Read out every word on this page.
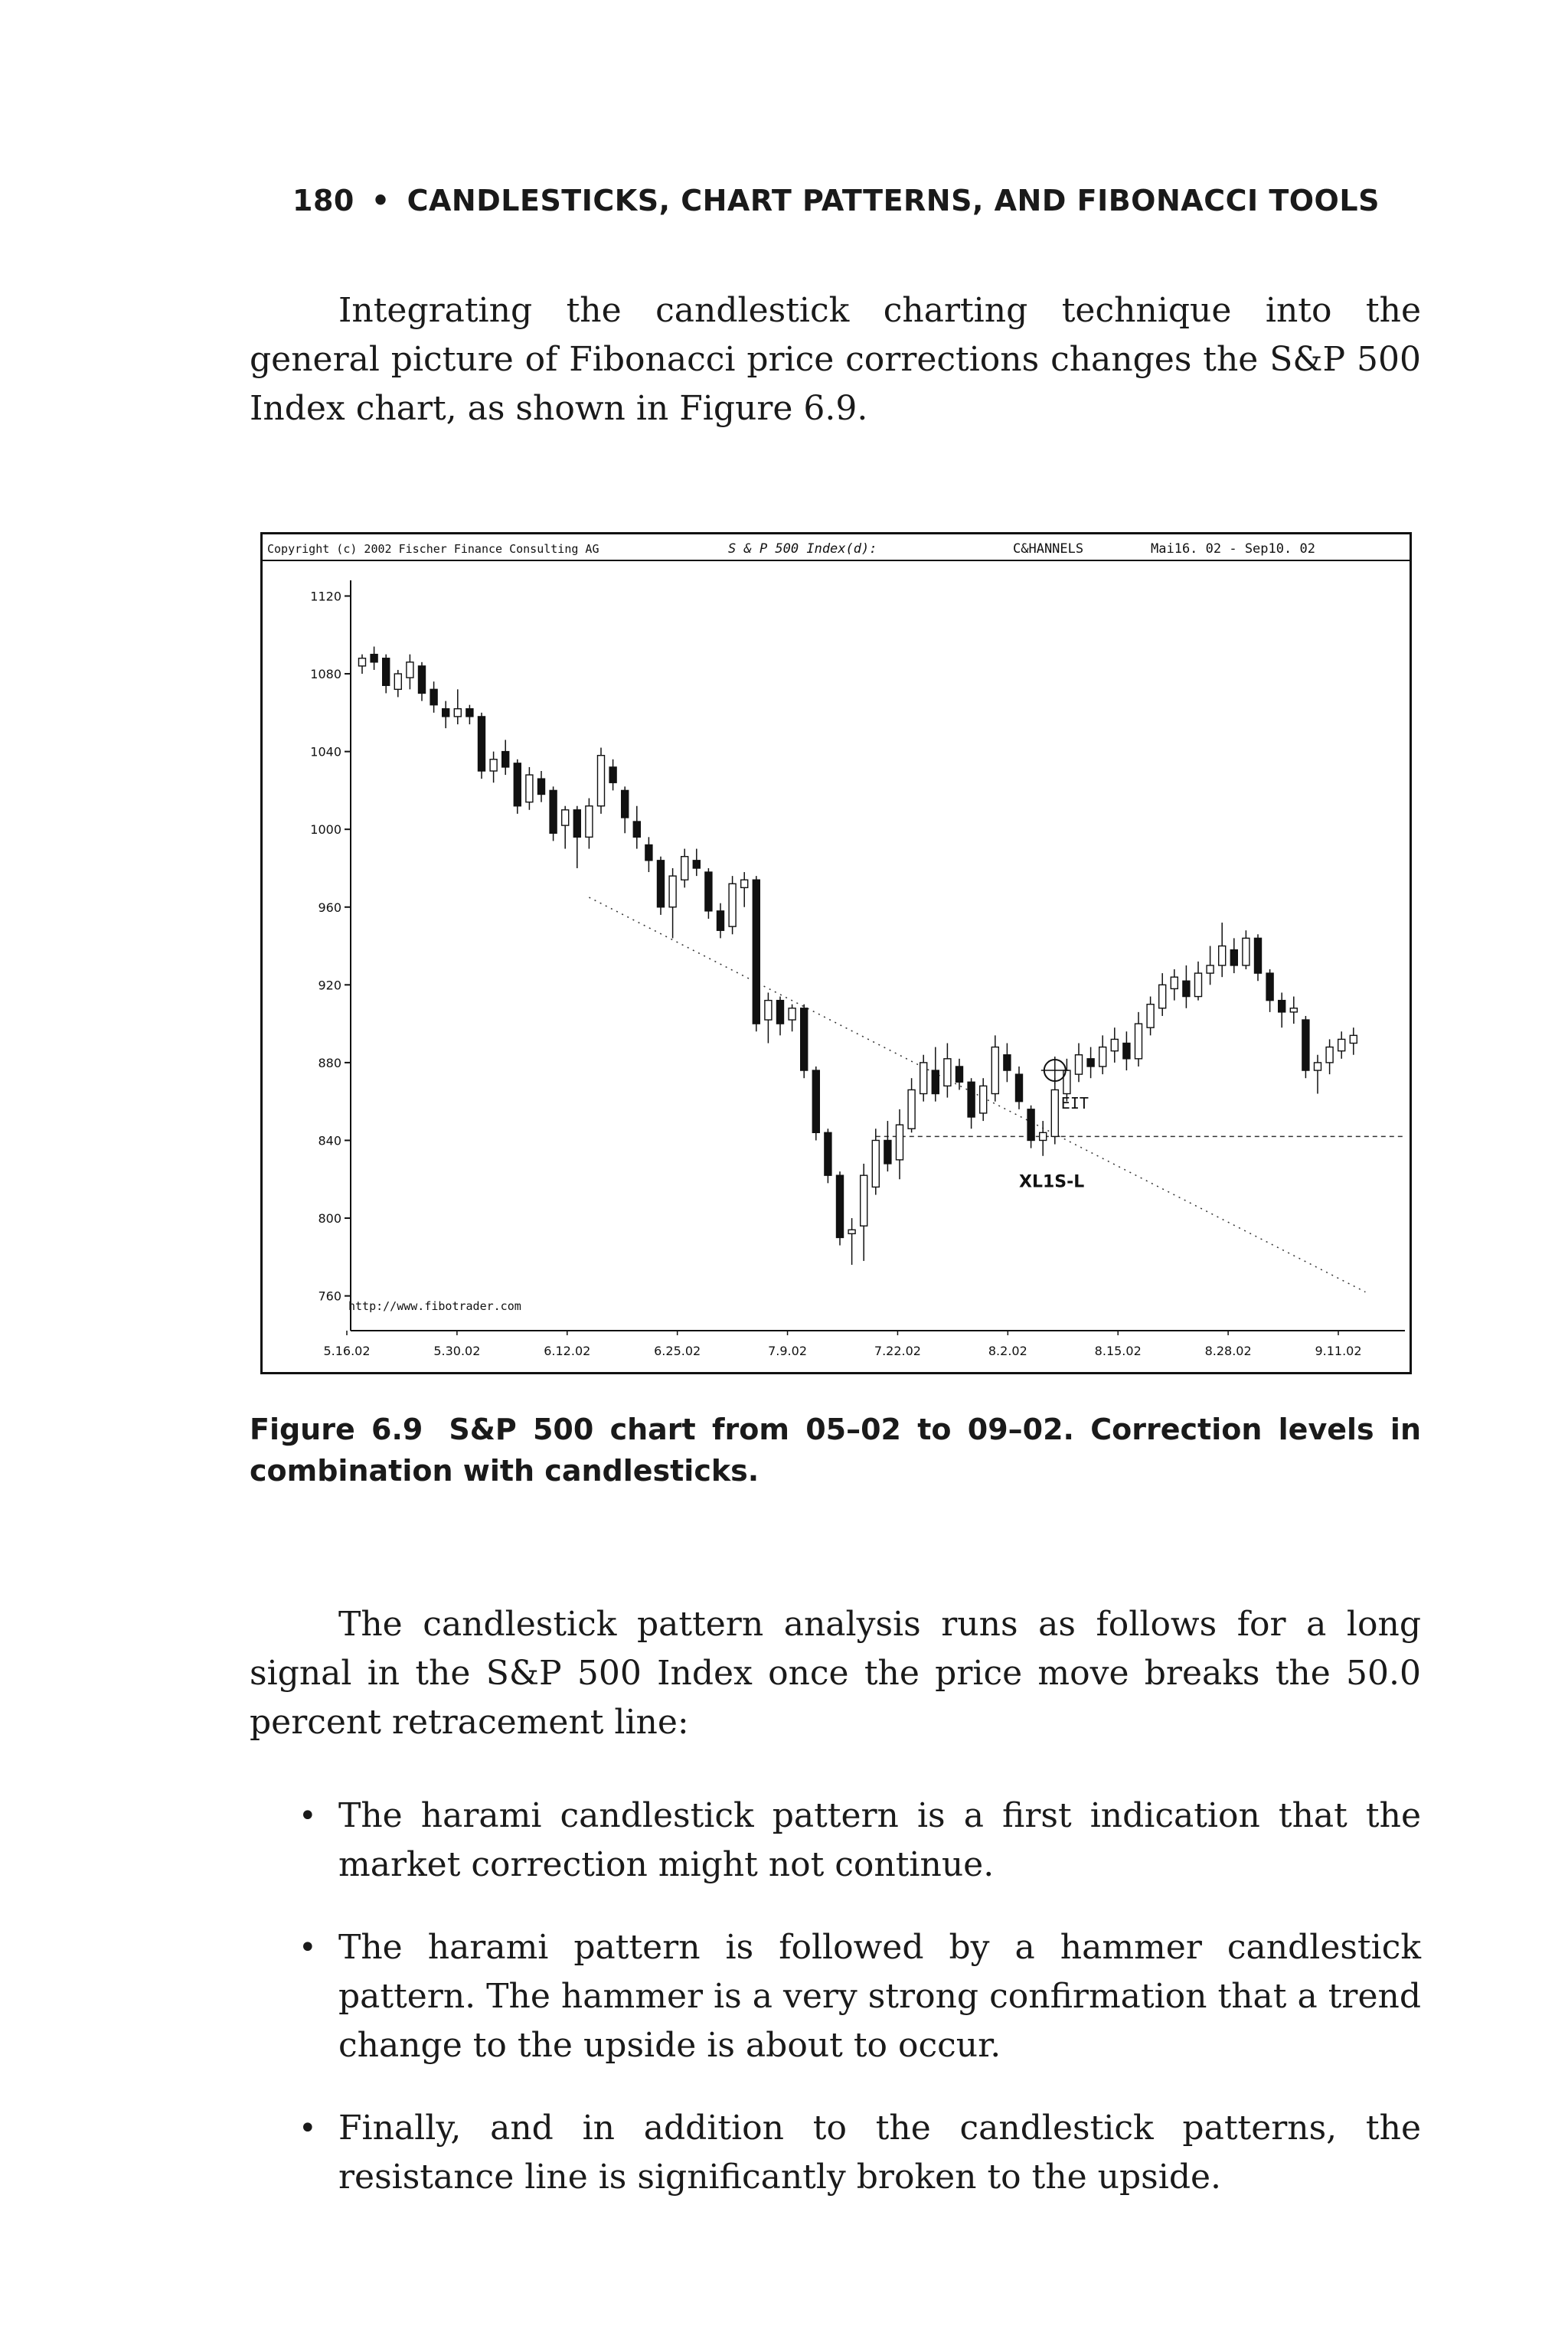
180 • CANDLESTICKS, CHART PATTERNS, AND FIBONACCI TOOLS

Integrating the candlestick charting technique into the general picture of Fibonacci price corrections changes the S&P 500 Index chart, as shown in Figure 6.9.

Copyright (c) 2002 Fischer Finance Consulting AG	S & P 500 Index(d):	C&HANNELS	Mai16. 02 - Sep10. 02
1120
1080
1040
1000
960
920
880
840
800
760
5.16.02	5.30.02	6.12.02	6.25.02	7.9.02	7.22.02	8.2.02	8.15.02	8.28.02	9.11.02
http://www.fibotrader.com
EIT
XL1S-L
Figure 6.9 S&P 500 chart from 05–02 to 09–02. Correction levels in combination with candlesticks.

The candlestick pattern analysis runs as follows for a long signal in the S&P 500 Index once the price move breaks the 50.0 percent retracement line:

• The harami candlestick pattern is a first indication that the market correction might not continue.
• The harami pattern is followed by a hammer candlestick pattern. The hammer is a very strong confirmation that a trend change to the upside is about to occur.
• Finally, and in addition to the candlestick patterns, the resistance line is significantly broken to the upside.
